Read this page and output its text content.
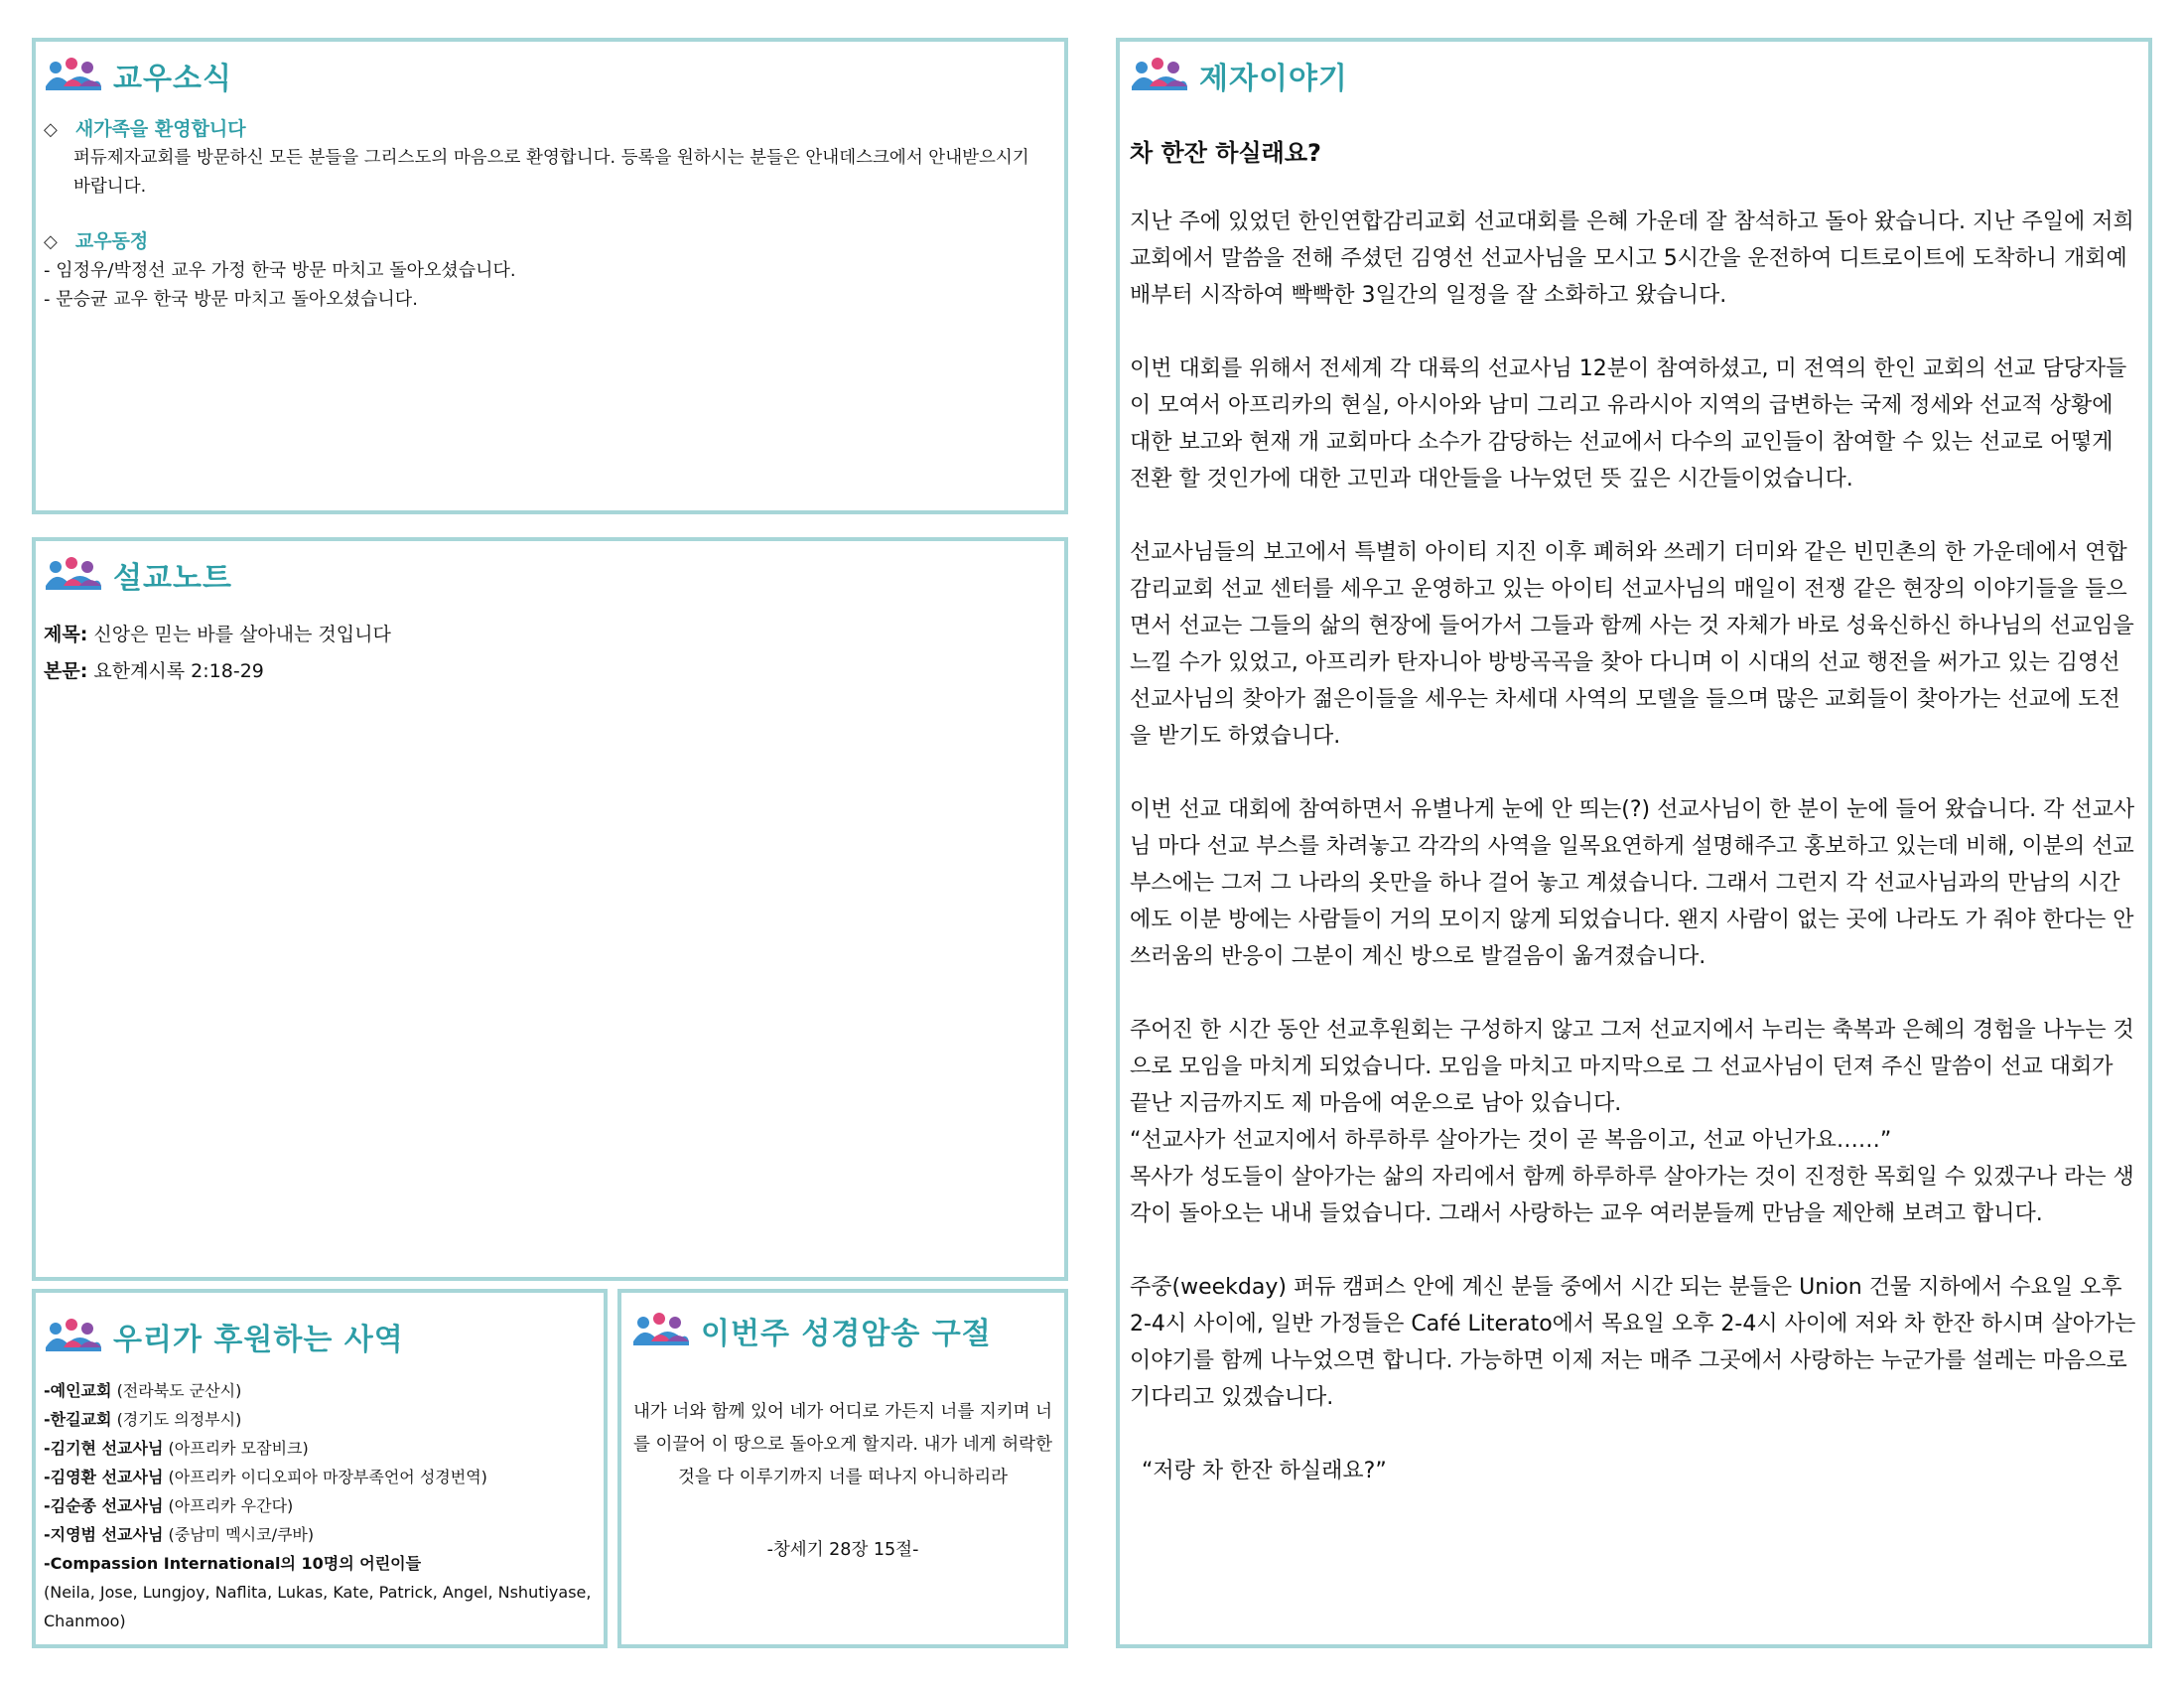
교우소식

◇ 새가족을 환영합니다

퍼듀제자교회를 방문하신 모든 분들을 그리스도의 마음으로 환영합니다. 등록을 원하시는 분들은 안내데스크에서 안내받으시기 바랍니다.

◇ 교우동정

- 임정우/박정선 교우 가정 한국 방문 마치고 돌아오셨습니다.

- 문승균 교우 한국 방문 마치고 돌아오셨습니다.

설교노트

제목: 신앙은 믿는 바를 살아내는 것입니다

본문: 요한계시록 2:18-29

우리가 후원하는 사역
-예인교회 (전라북도 군산시)
-한길교회 (경기도 의정부시)
-김기현 선교사님 (아프리카 모잠비크)
-김영환 선교사님 (아프리카 이디오피아 마장부족언어 성경번역)
-김순종 선교사님 (아프리카 우간다)
-지영범 선교사님 (중남미 멕시코/쿠바)
-Compassion International의 10명의 어린이들
(Neila, Jose, Lungjoy, Naflita, Lukas, Kate, Patrick, Angel, Nshutiyase, Chanmoo)
이번주 성경암송 구절

내가 너와 함께 있어 네가 어디로 가든지 너를 지키며 너를 이끌어 이 땅으로 돌아오게 할지라. 내가 네게 허락한 것을 다 이루기까지 너를 떠나지 아니하리라

-창세기 28장 15절-

제자이야기
차 한잔 하실래요?

지난 주에 있었던 한인연합감리교회 선교대회를 은혜 가운데 잘 참석하고 돌아 왔습니다. 지난 주일에 저희 교회에서 말씀을 전해 주셨던 김영선 선교사님을 모시고 5시간을 운전하여 디트로이트에 도착하니 개회예배부터 시작하여 빡빡한 3일간의 일정을 잘 소화하고 왔습니다.

이번 대회를 위해서 전세계 각 대륙의 선교사님 12분이 참여하셨고, 미 전역의 한인 교회의 선교 담당자들이 모여서 아프리카의 현실, 아시아와 남미 그리고 유라시아 지역의 급변하는 국제 정세와 선교적 상황에 대한 보고와 현재 개 교회마다 소수가 감당하는 선교에서 다수의 교인들이 참여할 수 있는 선교로 어떻게 전환 할 것인가에 대한 고민과 대안들을 나누었던 뜻 깊은 시간들이었습니다.

선교사님들의 보고에서 특별히 아이티 지진 이후 폐허와 쓰레기 더미와 같은 빈민촌의 한 가운데에서 연합감리교회 선교 센터를 세우고 운영하고 있는 아이티 선교사님의 매일이 전쟁 같은 현장의 이야기들을 들으면서 선교는 그들의 삶의 현장에 들어가서 그들과 함께 사는 것 자체가 바로 성육신하신 하나님의 선교임을 느낄 수가 있었고, 아프리카 탄자니아 방방곡곡을 찾아 다니며 이 시대의 선교 행전을 써가고 있는 김영선 선교사님의 찾아가 젊은이들을 세우는 차세대 사역의 모델을 들으며 많은 교회들이 찾아가는 선교에 도전을 받기도 하였습니다.

이번 선교 대회에 참여하면서 유별나게 눈에 안 띄는(?) 선교사님이 한 분이 눈에 들어 왔습니다. 각 선교사님 마다 선교 부스를 차려놓고 각각의 사역을 일목요연하게 설명해주고 홍보하고 있는데 비해, 이분의 선교 부스에는 그저 그 나라의 옷만을 하나 걸어 놓고 계셨습니다. 그래서 그런지 각 선교사님과의 만남의 시간에도 이분 방에는 사람들이 거의 모이지 않게 되었습니다. 왠지 사람이 없는 곳에 나라도 가 줘야 한다는 안쓰러움의 반응이 그분이 계신 방으로 발걸음이 옮겨졌습니다.

주어진 한 시간 동안 선교후원회는 구성하지 않고 그저 선교지에서 누리는 축복과 은혜의 경험을 나누는 것으로 모임을 마치게 되었습니다. 모임을 마치고 마지막으로 그 선교사님이 던져 주신 말씀이 선교 대회가 끝난 지금까지도 제 마음에 여운으로 남아 있습니다.

“선교사가 선교지에서 하루하루 살아가는 것이 곧 복음이고, 선교 아닌가요……”

목사가 성도들이 살아가는 삶의 자리에서 함께 하루하루 살아가는 것이 진정한 목회일 수 있겠구나 라는 생각이 돌아오는 내내 들었습니다. 그래서 사랑하는 교우 여러분들께 만남을 제안해 보려고 합니다.

주중(weekday) 퍼듀 캠퍼스 안에 계신 분들 중에서 시간 되는 분들은 Union 건물 지하에서 수요일 오후 2-4시 사이에, 일반 가정들은 Café Literato에서 목요일 오후 2-4시 사이에 저와 차 한잔 하시며 살아가는 이야기를 함께 나누었으면 합니다. 가능하면 이제 저는 매주 그곳에서 사랑하는 누군가를 설레는 마음으로 기다리고 있겠습니다.

“저랑 차 한잔 하실래요?”
